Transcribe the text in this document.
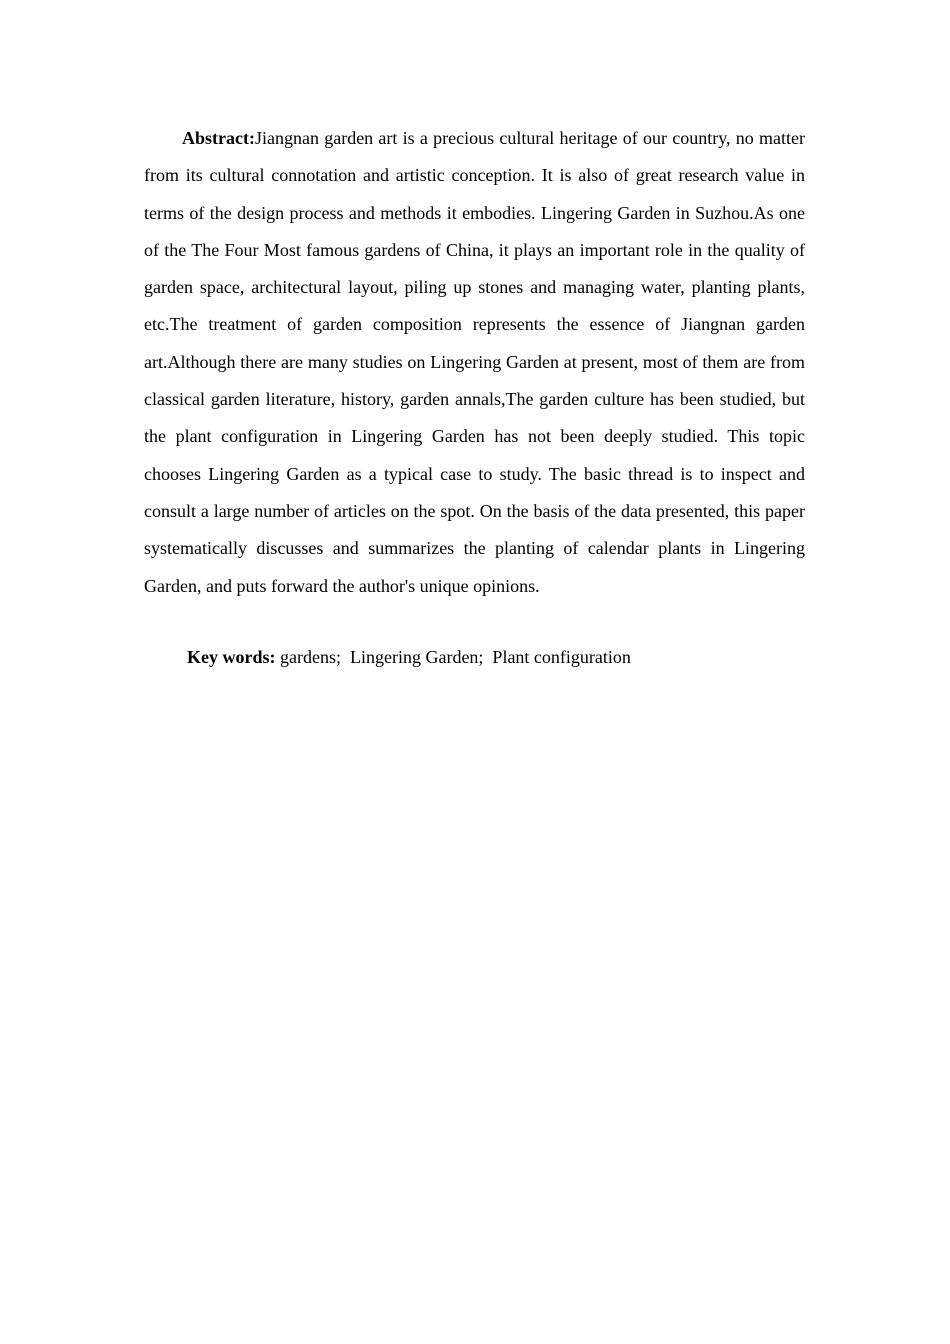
Abstract:Jiangnan garden art is a precious cultural heritage of our country, no matter from its cultural connotation and artistic conception. It is also of great research value in terms of the design process and methods it embodies. Lingering Garden in Suzhou.As one of the The Four Most famous gardens of China, it plays an important role in the quality of garden space, architectural layout, piling up stones and managing water, planting plants, etc.The treatment of garden composition represents the essence of Jiangnan garden art.Although there are many studies on Lingering Garden at present, most of them are from classical garden literature, history, garden annals,The garden culture has been studied, but the plant configuration in Lingering Garden has not been deeply studied. This topic chooses Lingering Garden as a typical case to study. The basic thread is to inspect and consult a large number of articles on the spot. On the basis of the data presented, this paper systematically discusses and summarizes the planting of calendar plants in Lingering Garden, and puts forward the author's unique opinions.

Key words: gardens;  Lingering Garden;  Plant configuration
